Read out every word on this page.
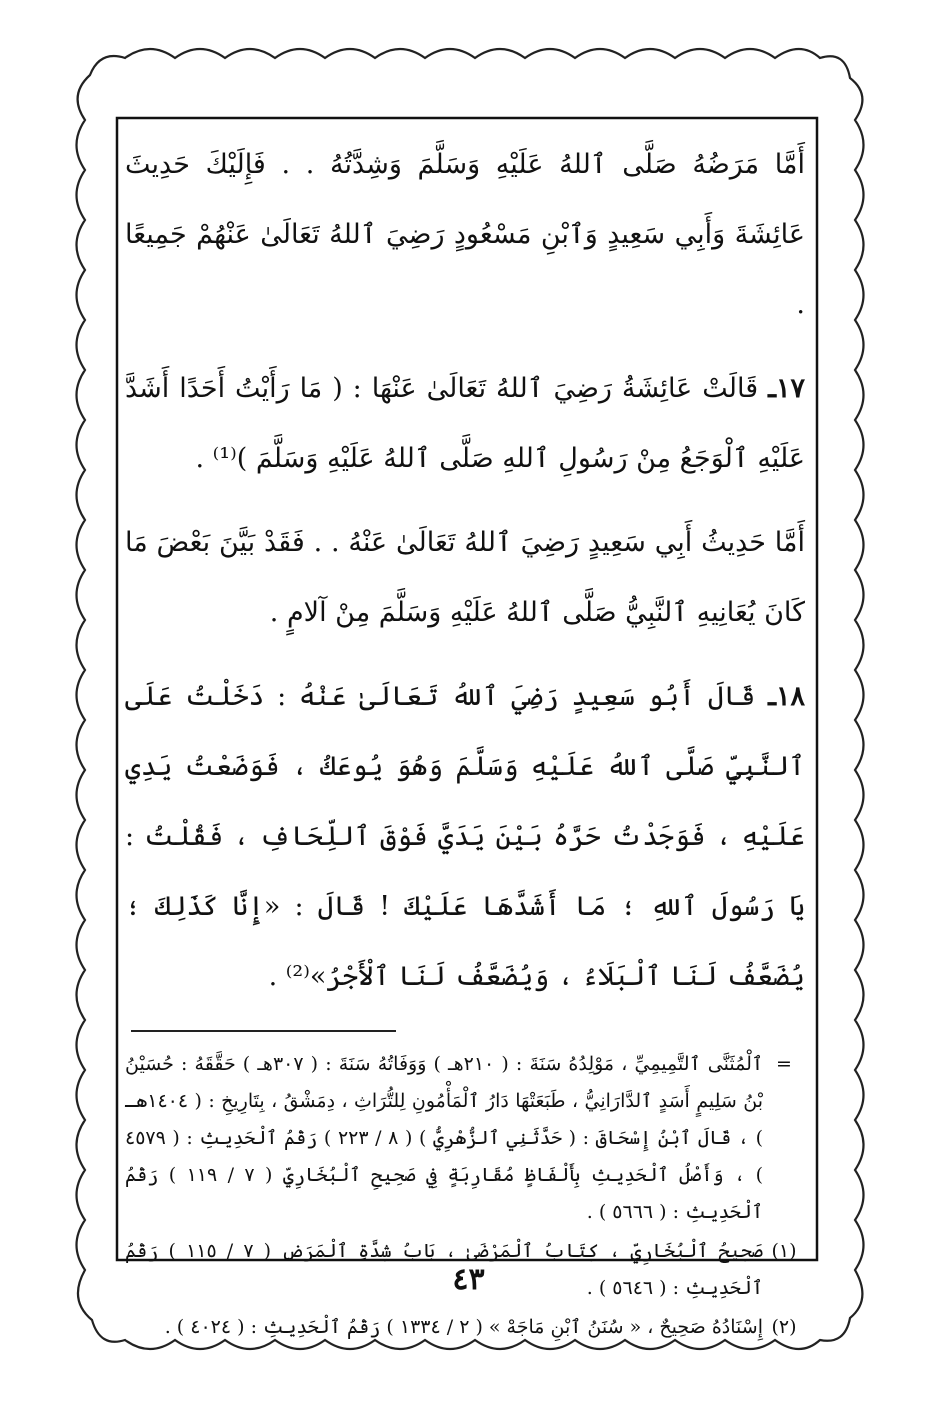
أَمَّا مَرَضُهُ صَلَّى ٱللهُ عَلَيْهِ وَسَلَّمَ وَشِدَّتُهُ . . فَإِلَيْكَ حَدِيثَ عَائِشَةَ وَأَبِي سَعِيدٍ وَٱبْنِ مَسْعُودٍ رَضِيَ ٱللهُ تَعَالَىٰ عَنْهُمْ جَمِيعًا .

١٧ـ قَالَتْ عَائِشَةُ رَضِيَ ٱللهُ تَعَالَىٰ عَنْهَا : ( مَا رَأَيْتُ أَحَدًا أَشَدَّ عَلَيْهِ ٱلْوَجَعُ مِنْ رَسُولِ ٱللهِ صَلَّى ٱللهُ عَلَيْهِ وَسَلَّمَ )⁽¹⁾ .

أَمَّا حَدِيثُ أَبِي سَعِيدٍ رَضِيَ ٱللهُ تَعَالَىٰ عَنْهُ . . فَقَدْ بَيَّنَ بَعْضَ مَا كَانَ يُعَانِيهِ ٱلنَّبِيُّ صَلَّى ٱللهُ عَلَيْهِ وَسَلَّمَ مِنْ آلامٍ .

١٨ـ قَالَ أَبُو سَعِيدٍ رَضِيَ ٱللهُ تَعَالَىٰ عَنْهُ : دَخَلْتُ عَلَى ٱلنَّبِيِّ صَلَّى ٱللهُ عَلَيْهِ وَسَلَّمَ وَهُوَ يُوعَكُ ، فَوَضَعْتُ يَدِي عَلَيْهِ ، فَوَجَدْتُ حَرَّهُ بَيْنَ يَدَيَّ فَوْقَ ٱللِّحَافِ ، فَقُلْتُ : يَا رَسُولَ ٱللهِ ؛ مَا أَشَدَّهَا عَلَيْكَ ! قَالَ : «إِنَّا كَذَلِكَ ؛ يُضَعَّفُ لَنَا ٱلْبَلَاءُ ، وَيُضَعَّفُ لَنَا ٱلْأَجْرُ»⁽²⁾ .

=
ٱلْمُثَنَّى ٱلتَّمِيمِيِّ ، مَوْلِدُهُ سَنَةَ : ( ٢١٠هـ ) وَوَفَاتُهُ سَنَةَ : ( ٣٠٧هـ ) حَقَّقَهُ : حُسَيْنُ بْنُ سَلِيمٍ أَسَدٍ ٱلدَّارَانِيُّ ، طَبَعَتْهَا دَارُ ٱلْمَأْمُونِ لِلتُّرَاثِ ، دِمَشْقُ ، بِتَارِيخِ : ( ١٤٠٤هـ ) ، قَالَ ٱبْنُ إِسْحَاقَ : ( حَدَّثَنِي ٱلزُّهْرِيُّ ) ( ٨ / ٢٢٣ ) رَقْمُ ٱلْحَدِيثِ : ( ٤٥٧٩ ) ، وَأَصْلُ ٱلْحَدِيثِ بِأَلْفَاظٍ مُقَارِبَةٍ فِي صَحِيحِ ٱلْبُخَارِيِّ ( ٧ / ١١٩ ) رَقْمُ ٱلْحَدِيثِ : ( ٥٦٦٦ ) .
(١)
صَحِيحُ ٱلْبُخَارِيِّ ، كِتَابُ ٱلْمَرْضَىٰ ، بَابُ شِدَّةِ ٱلْمَرَضِ ( ٧ / ١١٥ ) رَقْمُ ٱلْحَدِيثِ : ( ٥٦٤٦ ) .
(٢)
إِسْنَادُهُ صَحِيحٌ ، « سُنَنُ ٱبْنِ مَاجَهْ » ( ٢ / ١٣٣٤ ) رَقْمُ ٱلْحَدِيثِ : ( ٤٠٢٤ ) .
٤٣
